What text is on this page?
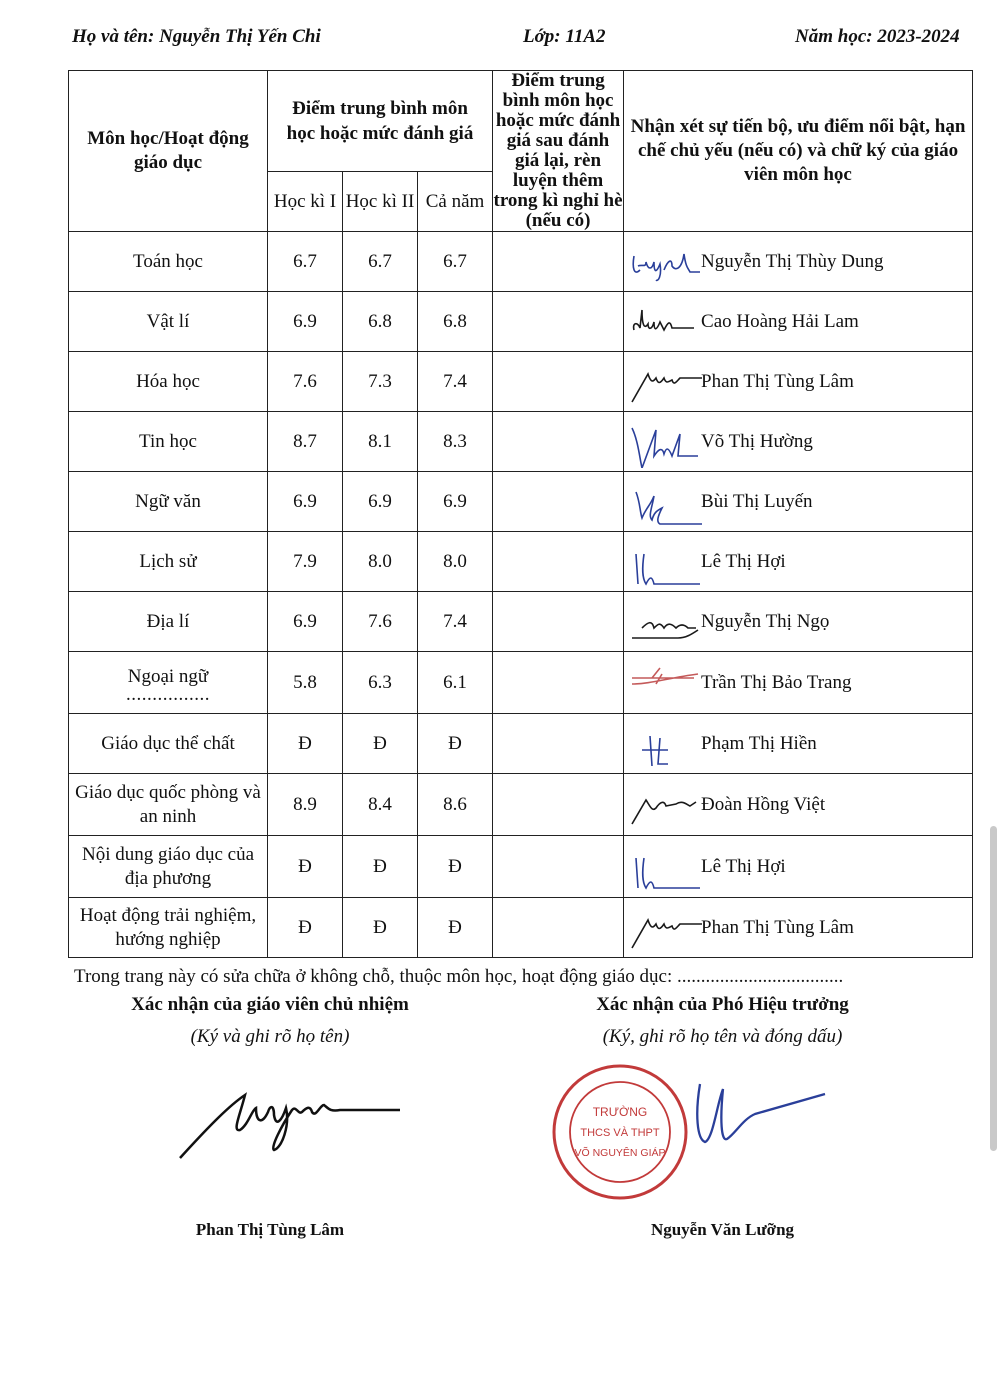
Họ và tên: Nguyễn Thị Yến Chi	Lớp: 11A2	Năm học: 2023-2024
Môn học/Hoạt động giáo dục	Điểm trung bình môn học hoặc mức đánh giá			Điểm trung bình môn học hoặc mức đánh giá sau đánh giá lại, rèn luyện thêm trong kì nghỉ hè (nếu có)	Nhận xét sự tiến bộ, ưu điểm nổi bật, hạn chế chủ yếu (nếu có) và chữ ký của giáo viên môn học

	Học kì I	Học kì II	Cả năm		
Toán học	6.7	6.7	6.7		Nguyễn Thị Thùy Dung

Vật lí	6.9	6.8	6.8		Cao Hoàng Hải Lam

Hóa học	7.6	7.3	7.4		Phan Thị Tùng Lâm

Tin học	8.7	8.1	8.3		Võ Thị Hường

Ngữ văn	6.9	6.9	6.9		Bùi Thị Luyến

Lịch sử	7.9	8.0	8.0		Lê Thị Hợi

Địa lí	6.9	7.6	7.4		Nguyễn Thị Ngọ

Ngoại ngữ
................	5.8	6.3	6.1		Trần Thị Bảo Trang

Giáo dục thể chất	Đ	Đ	Đ		Phạm Thị Hiền

Giáo dục quốc phòng và an ninh	8.9	8.4	8.6		Đoàn Hồng Việt

Nội dung giáo dục của địa phương	Đ	Đ	Đ		Lê Thị Hợi

Hoạt động trải nghiệm, hướng nghiệp	Đ	Đ	Đ		Phan Thị Tùng Lâm
Trong trang này có sửa chữa ở không chỗ, thuộc môn học, hoạt động giáo dục: ...................................
Xác nhận của giáo viên chủ nhiệm
(Ký và ghi rõ họ tên)
Xác nhận của Phó Hiệu trưởng
(Ký, ghi rõ họ tên và đóng dấu)
TRƯỜNG
THCS VÀ THPT
VÕ NGUYÊN GIÁP
Phan Thị Tùng Lâm	Nguyễn Văn Lưỡng
